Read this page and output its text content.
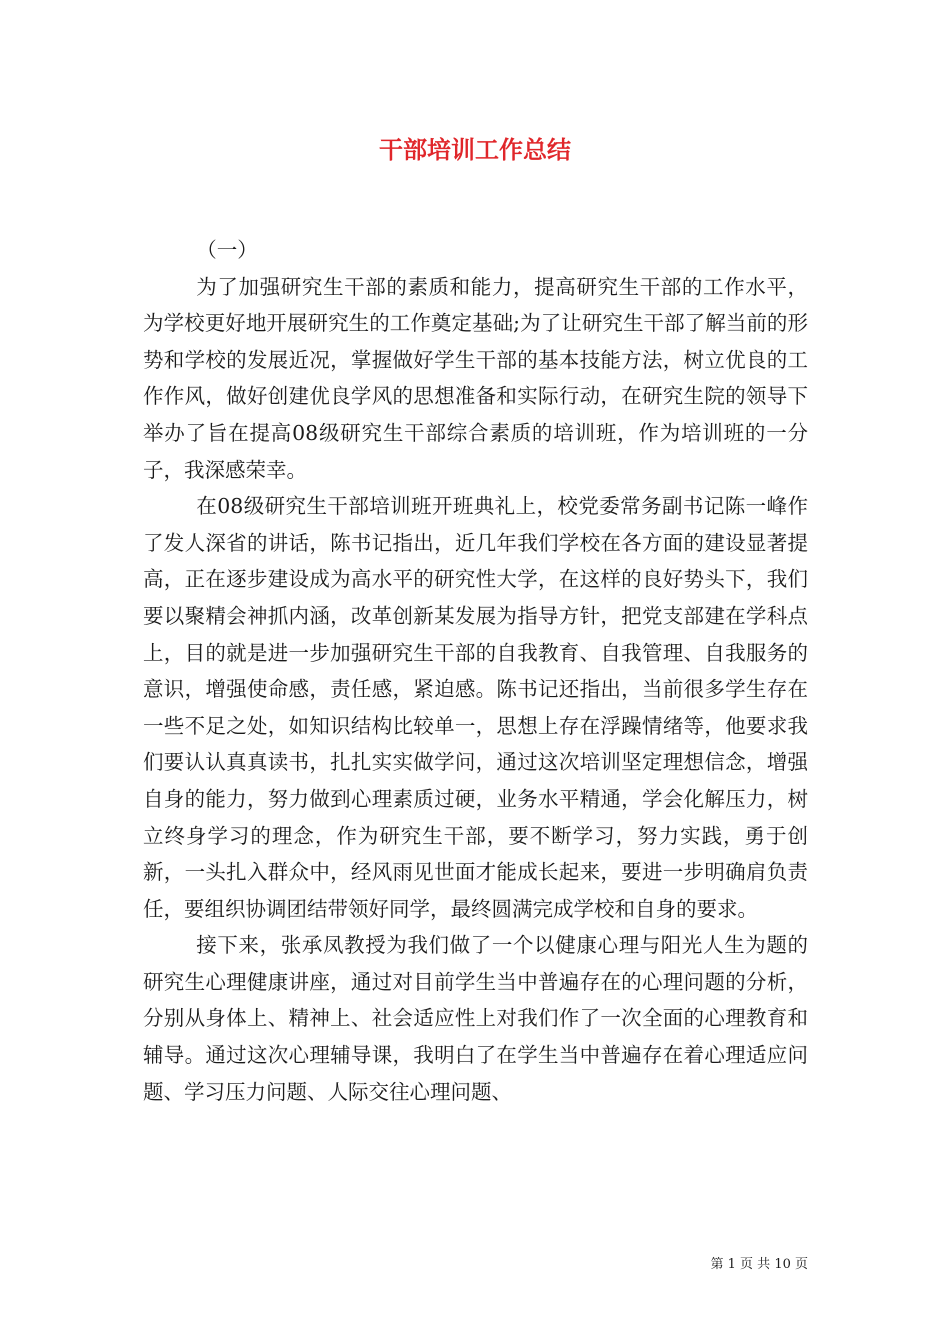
干部培训工作总结

（一）

为了加强研究生干部的素质和能力，提高研究生干部的工作水平，为学校更好地开展研究生的工作奠定基础;为了让研究生干部了解当前的形势和学校的发展近况，掌握做好学生干部的基本技能方法，树立优良的工作作风，做好创建优良学风的思想准备和实际行动，在研究生院的领导下举办了旨在提高08级研究生干部综合素质的培训班，作为培训班的一分子，我深感荣幸。

在08级研究生干部培训班开班典礼上，校党委常务副书记陈一峰作了发人深省的讲话，陈书记指出，近几年我们学校在各方面的建设显著提高，正在逐步建设成为高水平的研究性大学，在这样的良好势头下，我们要以聚精会神抓内涵，改革创新某发展为指导方针，把党支部建在学科点上，目的就是进一步加强研究生干部的自我教育、自我管理、自我服务的意识，增强使命感，责任感，紧迫感。陈书记还指出，当前很多学生存在一些不足之处，如知识结构比较单一，思想上存在浮躁情绪等，他要求我们要认认真真读书，扎扎实实做学问，通过这次培训坚定理想信念，增强自身的能力，努力做到心理素质过硬，业务水平精通，学会化解压力，树立终身学习的理念，作为研究生干部，要不断学习，努力实践，勇于创新，一头扎入群众中，经风雨见世面才能成长起来，要进一步明确肩负责任，要组织协调团结带领好同学，最终圆满完成学校和自身的要求。

接下来，张承凤教授为我们做了一个以健康心理与阳光人生为题的研究生心理健康讲座，通过对目前学生当中普遍存在的心理问题的分析，分别从身体上、精神上、社会适应性上对我们作了一次全面的心理教育和辅导。通过这次心理辅导课，我明白了在学生当中普遍存在着心理适应问题、学习压力问题、人际交往心理问题、

第 1 页 共 10 页
